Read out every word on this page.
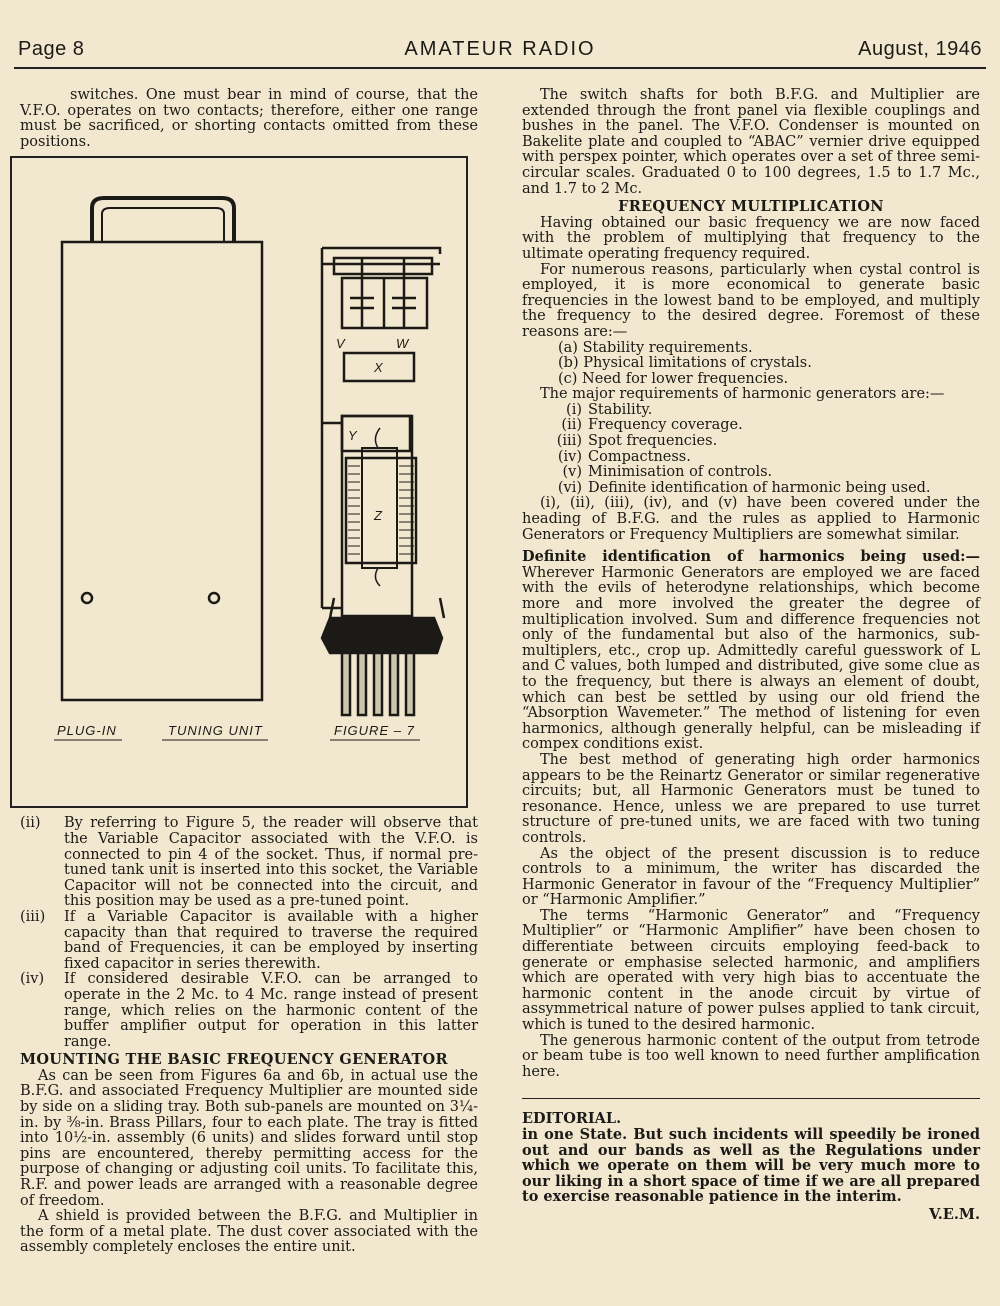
Page 8	AMATEUR RADIO	August, 1946

switches. One must bear in mind of course, that the V.F.O. operates on two contacts; therefore, either one range must be sacrificed, or shorting contacts omitted from these positions.

V	W
X
Y
Z
PLUG-IN	TUNING UNIT	FIGURE – 7
(ii)	By referring to Figure 5, the reader will observe that the Variable Capacitor associated with the V.F.O. is connected to pin 4 of the socket. Thus, if normal pre-tuned tank unit is inserted into this socket, the Variable Capacitor will not be connected into the circuit, and this position may be used as a pre-tuned point.
(iii)	If a Variable Capacitor is available with a higher capacity than that required to traverse the required band of Frequencies, it can be employed by inserting fixed capacitor in series therewith.
(iv)	If considered desirable V.F.O. can be arranged to operate in the 2 Mc. to 4 Mc. range instead of present range, which relies on the harmonic content of the buffer amplifier output for operation in this latter range.

MOUNTING THE BASIC FREQUENCY GENERATOR

As can be seen from Figures 6a and 6b, in actual use the B.F.G. and associated Frequency Multiplier are mounted side by side on a sliding tray. Both sub-panels are mounted on 3¼-in. by ⅜-in. Brass Pillars, four to each plate. The tray is fitted into 10½-in. assembly (6 units) and slides forward until stop pins are encountered, thereby permitting access for the purpose of changing or adjusting coil units. To facilitate this, R.F. and power leads are arranged with a reasonable degree of freedom.

A shield is provided between the B.F.G. and Multiplier in the form of a metal plate. The dust cover associated with the assembly completely encloses the entire unit.

The switch shafts for both B.F.G. and Multiplier are extended through the front panel via flexible couplings and bushes in the panel. The V.F.O. Condenser is mounted on Bakelite plate and coupled to “ABAC” vernier drive equipped with perspex pointer, which operates over a set of three semi-circular scales. Graduated 0 to 100 degrees, 1.5 to 1.7 Mc., and 1.7 to 2 Mc.

FREQUENCY MULTIPLICATION

Having obtained our basic frequency we are now faced with the problem of multiplying that frequency to the ultimate operating frequency required.

For numerous reasons, particularly when cystal control is employed, it is more economical to generate basic frequencies in the lowest band to be employed, and multiply the frequency to the desired degree. Foremost of these reasons are:—

(a) Stability requirements.
(b) Physical limitations of crystals.
(c) Need for lower frequencies.

The major requirements of harmonic generators are:—

(i) Stability.
(ii) Frequency coverage.
(iii) Spot frequencies.
(iv) Compactness.
(v) Minimisation of controls.
(vi) Definite identification of harmonic being used.

(i), (ii), (iii), (iv), and (v) have been covered under the heading of B.F.G. and the rules as applied to Harmonic Generators or Frequency Multipliers are somewhat similar.

Definite identification of harmonics being used:— Wherever Harmonic Generators are employed we are faced with the evils of heterodyne relationships, which become more and more involved the greater the degree of multiplication involved. Sum and difference frequencies not only of the fundamental but also of the harmonics, sub-multiplers, etc., crop up. Admittedly careful guesswork of L and C values, both lumped and distributed, give some clue as to the frequency, but there is always an element of doubt, which can best be settled by using our old friend the “Absorption Wavemeter.” The method of listening for even harmonics, although generally helpful, can be misleading if compex conditions exist.

The best method of generating high order harmonics appears to be the Reinartz Generator or similar regenerative circuits; but, all Harmonic Generators must be tuned to resonance. Hence, unless we are prepared to use turret structure of pre-tuned units, we are faced with two tuning controls.

As the object of the present discussion is to reduce controls to a minimum, the writer has discarded the Harmonic Generator in favour of the “Frequency Multiplier” or “Harmonic Amplifier.”

The terms “Harmonic Generator” and “Frequency Multiplier” or “Harmonic Amplifier” have been chosen to differentiate between circuits employing feed-back to generate or emphasise selected harmonic, and amplifiers which are operated with very high bias to accentuate the harmonic content in the anode circuit by virtue of assymmetrical nature of power pulses applied to tank circuit, which is tuned to the desired harmonic.

The generous harmonic content of the output from tetrode or beam tube is too well known to need further amplification here.

EDITORIAL.

in one State. But such incidents will speedily be ironed out and our bands as well as the Regulations under which we operate on them will be very much more to our liking in a short space of time if we are all prepared to exercise reasonable patience in the interim.

V.E.M.
